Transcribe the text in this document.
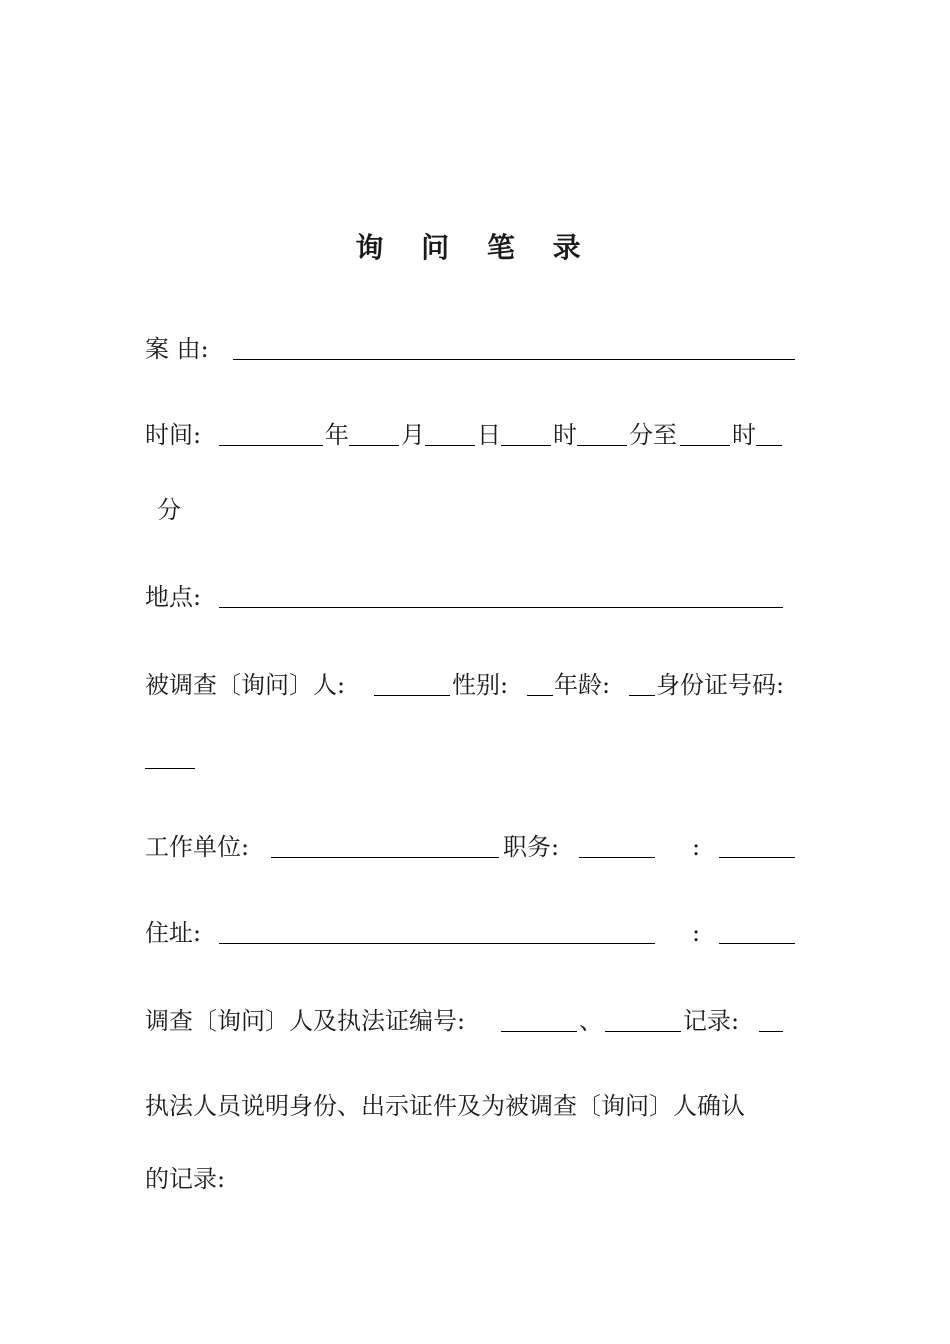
询 问 笔 录
案 由:
时间:	年 月 日 时 分至 时
分
地点:
被调查〔询问〕人:	性别: 年龄: 身份证号码:
工作单位:	职务:	:
住址:	:
调查〔询问〕人及执法证编号:	、	记录:
执法人员说明身份、出示证件及为被调查〔询问〕人确认
的记录:
